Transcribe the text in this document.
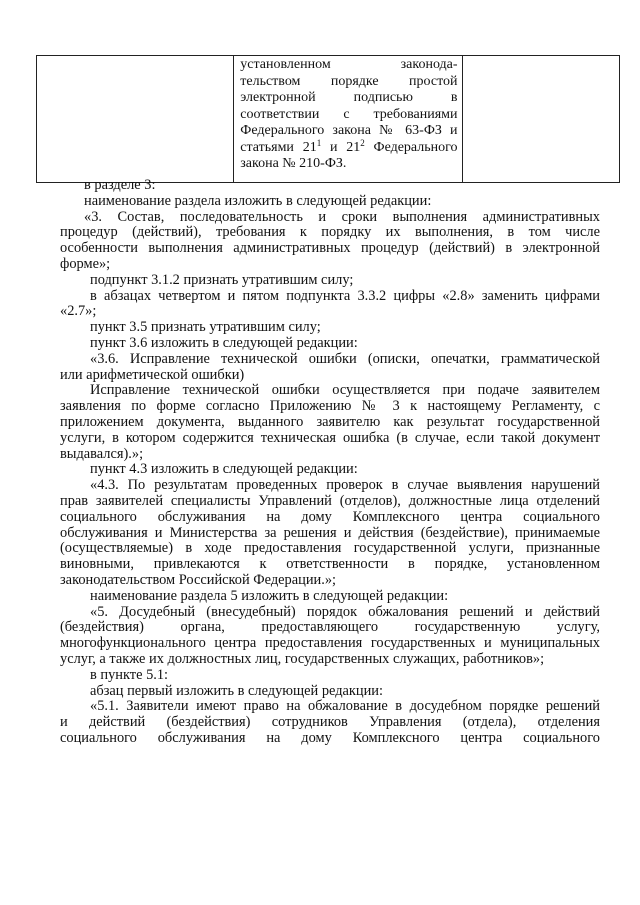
установленном законода-
тельством порядке простой
электронной подписью в
соответствии с требованиями
Федерального закона № 63-ФЗ и
статьями $21^1$ и $21^2$ Федерального
закона № 210-ФЗ.

в разделе 3:

наименование раздела изложить в следующей редакции:

«3. Состав, последовательность и сроки выполнения административных

процедур (действий), требования к порядку их выполнения, в том числе

особенности выполнения административных процедур (действий) в электронной

форме»;

подпункт 3.1.2 признать утратившим силу;

в абзацах четвертом и пятом подпункта 3.3.2 цифры «2.8» заменить цифрами

«2.7»;

пункт 3.5 признать утратившим силу;

пункт 3.6 изложить в следующей редакции:

«3.6. Исправление технической ошибки (описки, опечатки, грамматической

или арифметической ошибки)

Исправление технической ошибки осуществляется при подаче заявителем

заявления по форме согласно Приложению № 3 к настоящему Регламенту, с

приложением документа, выданного заявителю как результат государственной

услуги, в котором содержится техническая ошибка (в случае, если такой документ

выдавался).»;

пункт 4.3 изложить в следующей редакции:

«4.3. По результатам проведенных проверок в случае выявления нарушений

прав заявителей специалисты Управлений (отделов), должностные лица отделений

социального обслуживания на дому Комплексного центра социального

обслуживания и Министерства за решения и действия (бездействие), принимаемые

(осуществляемые) в ходе предоставления государственной услуги, признанные

виновными, привлекаются к ответственности в порядке, установленном

законодательством Российской Федерации.»;

наименование раздела 5 изложить в следующей редакции:

«5. Досудебный (внесудебный) порядок обжалования решений и действий

(бездействия) органа, предоставляющего государственную услугу,

многофункционального центра предоставления государственных и муниципальных

услуг, а также их должностных лиц, государственных служащих, работников»;

в пункте 5.1:

абзац первый изложить в следующей редакции:

«5.1. Заявители имеют право на обжалование в досудебном порядке решений

и действий (бездействия) сотрудников Управления (отдела), отделения

социального обслуживания на дому Комплексного центра социального
